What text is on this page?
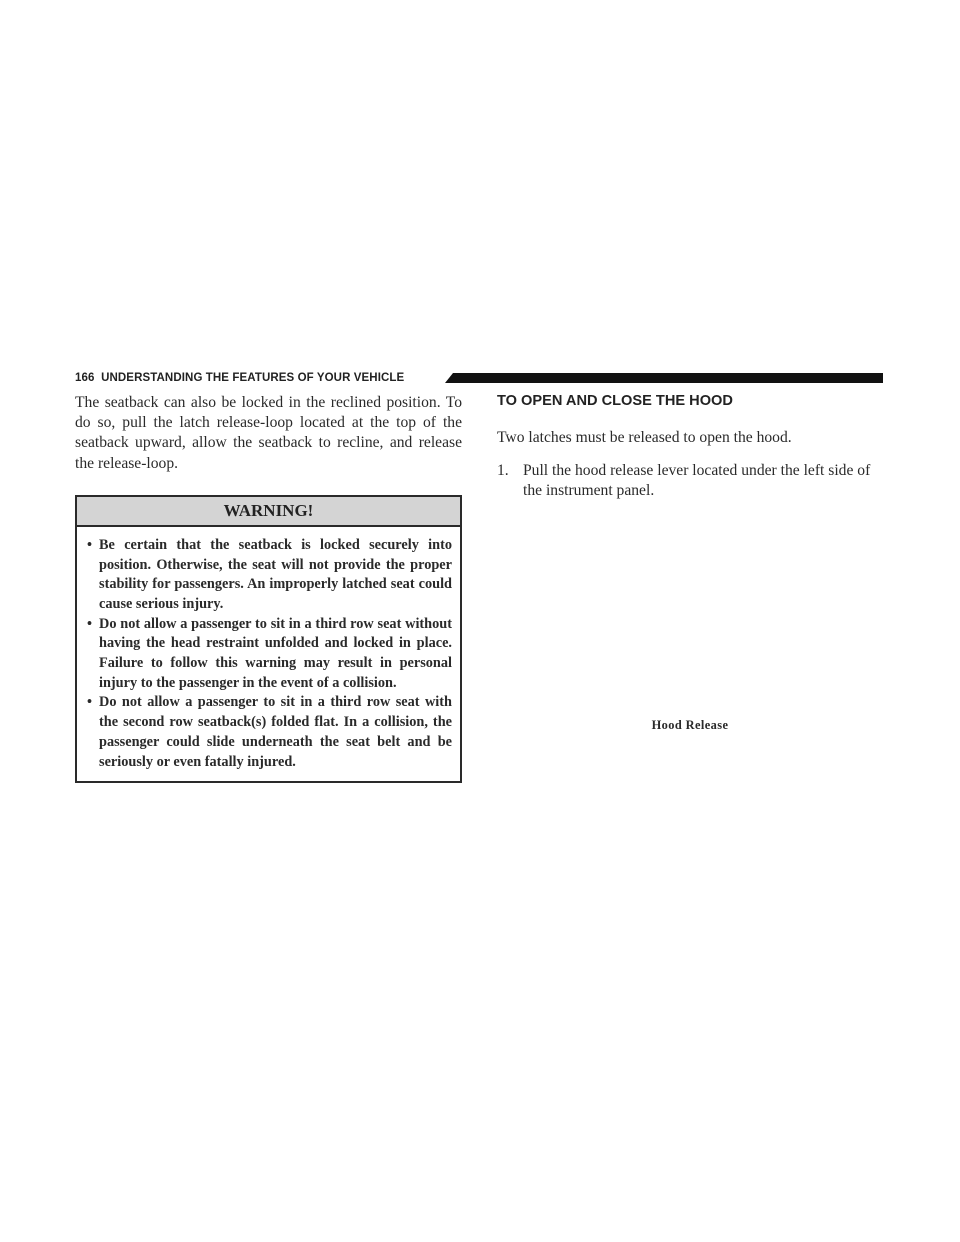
166 UNDERSTANDING THE FEATURES OF YOUR VEHICLE

The seatback can also be locked in the reclined position. To do so, pull the latch release-loop located at the top of the seatback upward, allow the seatback to recline, and release the release-loop.

WARNING!
• Be certain that the seatback is locked securely into position. Otherwise, the seat will not provide the proper stability for passengers. An improperly latched seat could cause serious injury.
• Do not allow a passenger to sit in a third row seat without having the head restraint unfolded and locked in place. Failure to follow this warning may result in personal injury to the passenger in the event of a collision.
• Do not allow a passenger to sit in a third row seat with the second row seatback(s) folded flat. In a collision, the passenger could slide underneath the seat belt and be seriously or even fatally injured.
TO OPEN AND CLOSE THE HOOD

Two latches must be released to open the hood.

1. Pull the hood release lever located under the left side of the instrument panel.
Hood Release
